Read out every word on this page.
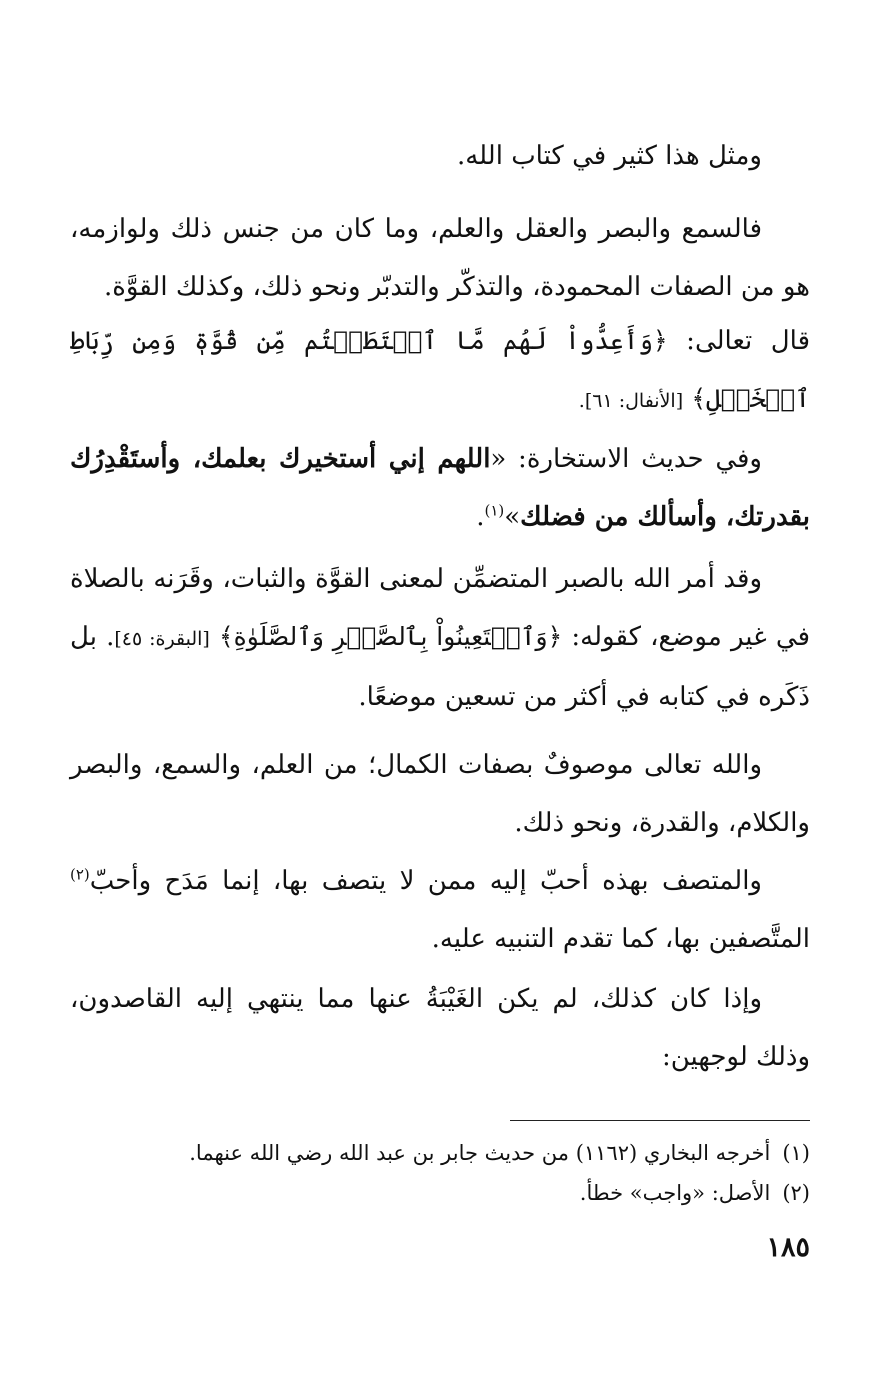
ومثل هذا كثير في كتاب الله.

فالسمع والبصر والعقل والعلم، وما كان من جنس ذلك ولوازمه، هو من الصفات المحمودة، والتذكّر والتدبّر ونحو ذلك، وكذلك القوَّة.

قال تعالى: ﴿وَأَعِدُّواْ لَهُم مَّا ٱسۡتَطَعۡتُم مِّن قُوَّةٖ وَمِن رِّبَاطِ ٱلۡخَيۡلِ﴾ [الأنفال: ٦١].

وفي حديث الاستخارة: «اللهم إني أستخيرك بعلمك، وأستَقْدِرُك بقدرتك، وأسألك من فضلك»$^{(١)}$.

وقد أمر الله بالصبر المتضمِّن لمعنى القوَّة والثبات، وقَرَنه بالصلاة في غير موضع، كقوله: ﴿وَٱسۡتَعِينُواْ بِٱلصَّبۡرِ وَٱلصَّلَوٰةِ﴾ [البقرة: ٤٥]. بل ذَكَره في كتابه في أكثر من تسعين موضعًا.

والله تعالى موصوفٌ بصفات الكمال؛ من العلم، والسمع، والبصر والكلام، والقدرة، ونحو ذلك.

والمتصف بهذه أحبّ إليه ممن لا يتصف بها، إنما مَدَح وأحبّ$^{(٢)}$ المتَّصفين بها، كما تقدم التنبيه عليه.

وإذا كان كذلك، لم يكن الغَيْبَةُ عنها مما ينتهي إليه القاصدون، وذلك لوجهين:

(١)أخرجه البخاري (١١٦٢) من حديث جابر بن عبد الله رضي الله عنهما.
(٢)الأصل: «واجب» خطأ.
١٨٥
